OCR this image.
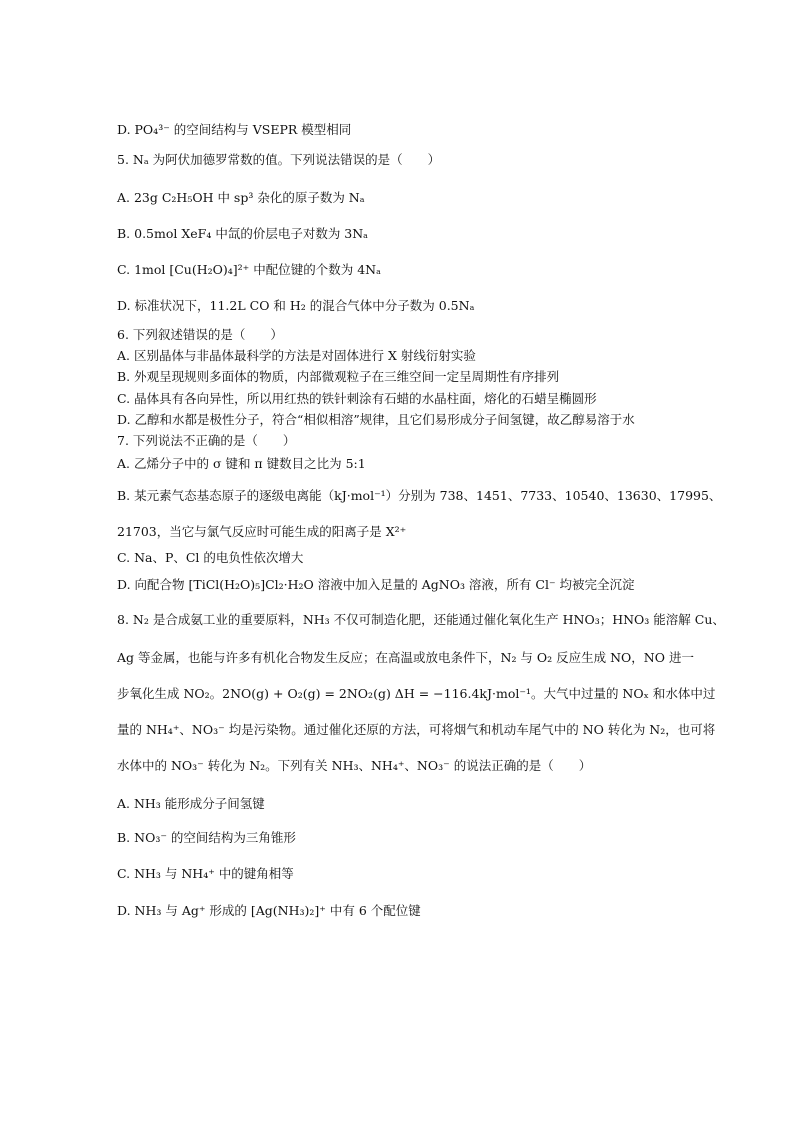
D. PO₄³⁻ 的空间结构与 VSEPR 模型相同
5. Nₐ 为阿伏加德罗常数的值。下列说法错误的是（　　）
A. 23g C₂H₅OH 中 sp³ 杂化的原子数为 Nₐ
B. 0.5mol XeF₄ 中氙的价层电子对数为 3Nₐ
C. 1mol [Cu(H₂O)₄]²⁺ 中配位键的个数为 4Nₐ
D. 标准状况下，11.2L CO 和 H₂ 的混合气体中分子数为 0.5Nₐ
6. 下列叙述错误的是（　　）
A. 区别晶体与非晶体最科学的方法是对固体进行 X 射线衍射实验
B. 外观呈现规则多面体的物质，内部微观粒子在三维空间一定呈周期性有序排列
C. 晶体具有各向异性，所以用红热的铁针刺涂有石蜡的水晶柱面，熔化的石蜡呈椭圆形
D. 乙醇和水都是极性分子，符合“相似相溶”规律，且它们易形成分子间氢键，故乙醇易溶于水
7. 下列说法不正确的是（　　）
A. 乙烯分子中的 σ 键和 π 键数目之比为 5:1
B. 某元素气态基态原子的逐级电离能（kJ·mol⁻¹）分别为 738、1451、7733、10540、13630、17995、
21703，当它与氯气反应时可能生成的阳离子是 X²⁺
C. Na、P、Cl 的电负性依次增大
D. 向配合物 [TiCl(H₂O)₅]Cl₂·H₂O 溶液中加入足量的 AgNO₃ 溶液，所有 Cl⁻ 均被完全沉淀
8. N₂ 是合成氨工业的重要原料，NH₃ 不仅可制造化肥，还能通过催化氧化生产 HNO₃；HNO₃ 能溶解 Cu、
Ag 等金属，也能与许多有机化合物发生反应；在高温或放电条件下，N₂ 与 O₂ 反应生成 NO，NO 进一
步氧化生成 NO₂。2NO(g) + O₂(g) = 2NO₂(g) ΔH = −116.4kJ·mol⁻¹。大气中过量的 NOₓ 和水体中过
量的 NH₄⁺、NO₃⁻ 均是污染物。通过催化还原的方法，可将烟气和机动车尾气中的 NO 转化为 N₂，也可将
水体中的 NO₃⁻ 转化为 N₂。下列有关 NH₃、NH₄⁺、NO₃⁻ 的说法正确的是（　　）
A. NH₃ 能形成分子间氢键
B. NO₃⁻ 的空间结构为三角锥形
C. NH₃ 与 NH₄⁺ 中的键角相等
D. NH₃ 与 Ag⁺ 形成的 [Ag(NH₃)₂]⁺ 中有 6 个配位键
